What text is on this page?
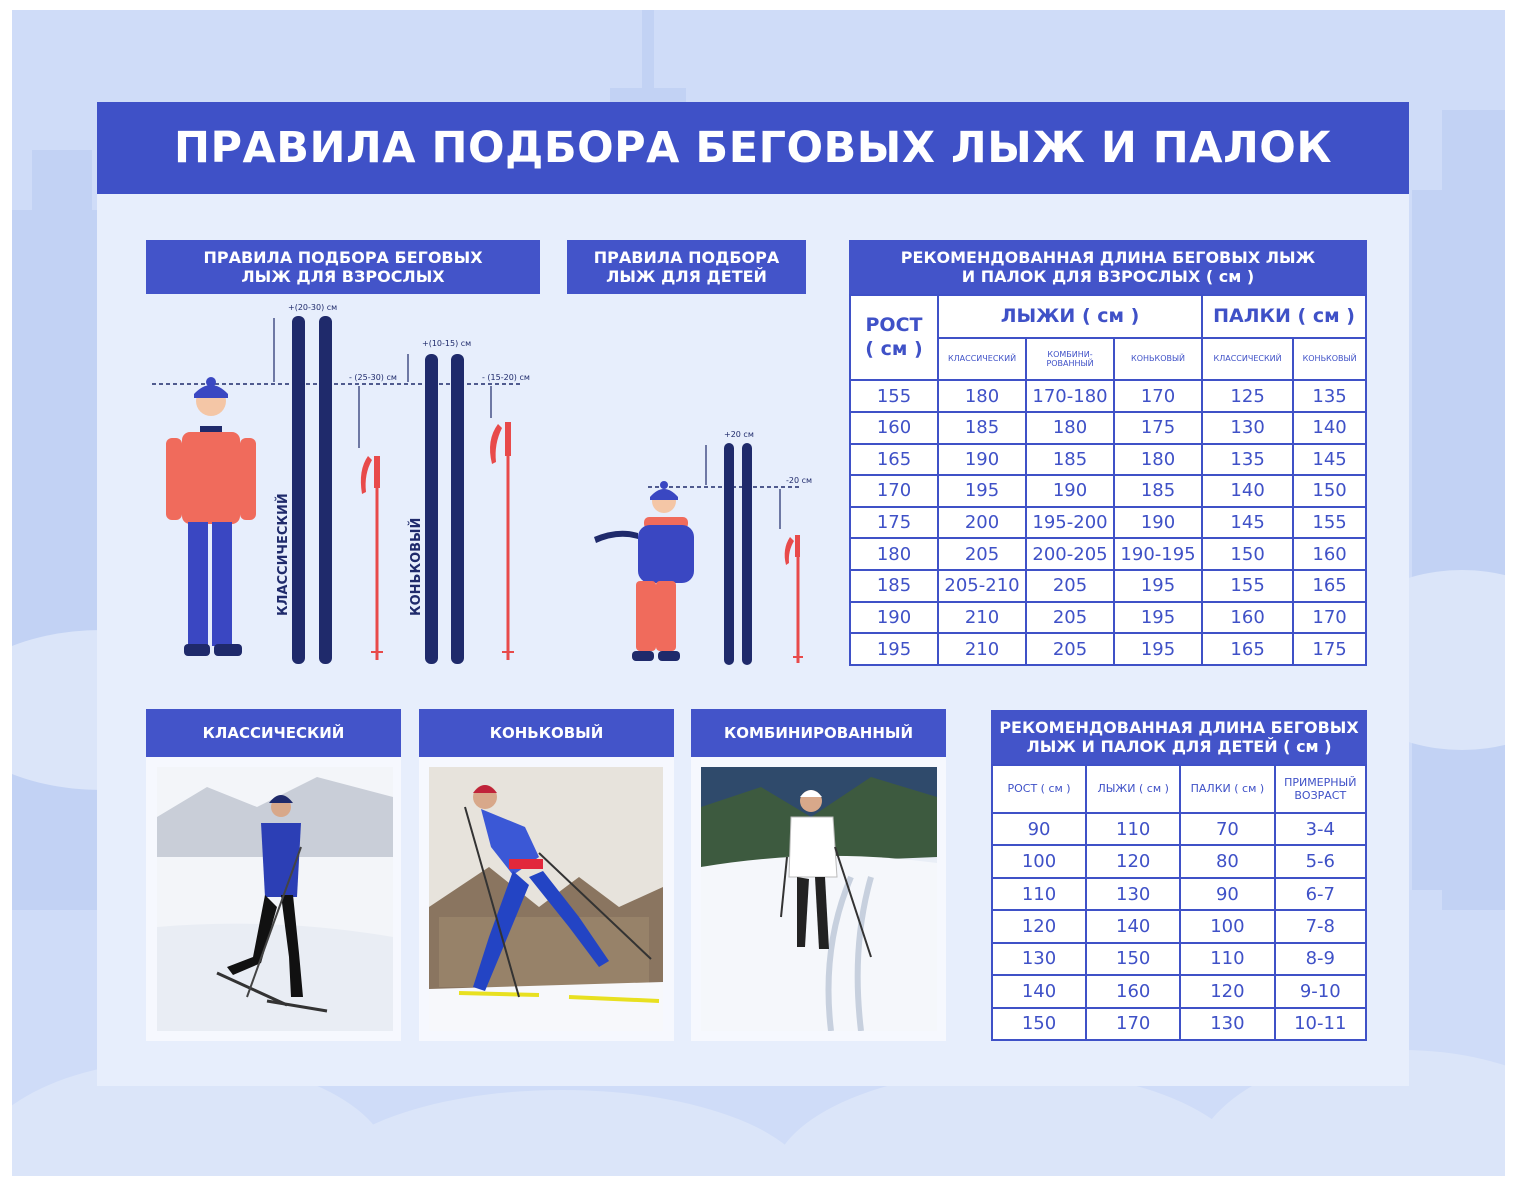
ПРАВИЛА ПОДБОРА БЕГОВЫХ ЛЫЖ И ПАЛОК
ПРАВИЛА ПОДБОРА БЕГОВЫХ
ЛЫЖ ДЛЯ ВЗРОСЛЫХ
ПРАВИЛА ПОДБОРА
ЛЫЖ ДЛЯ ДЕТЕЙ
КЛАССИЧЕСКИЙ
+(20-30) см
- (25-30) см
КОНЬКОВЫЙ
+(10-15) см
- (15-20) см
+20 см
-20 см
РЕКОМЕНДОВАННАЯ ДЛИНА БЕГОВЫХ ЛЫЖ
И ПАЛОК ДЛЯ ВЗРОСЛЫХ ( см )
РОСТ
( см )	ЛЫЖИ ( см )			ПАЛКИ ( см )	
	КЛАССИЧЕСКИЙ	КОМБИНИ-
РОВАННЫЙ	КОНЬКОВЫЙ	КЛАССИЧЕСКИЙ	КОНЬКОВЫЙ
155	180	170-180	170	125	135
160	185	180	175	130	140
165	190	185	180	135	145
170	195	190	185	140	150
175	200	195-200	190	145	155
180	205	200-205	190-195	150	160
185	205-210	205	195	155	165
190	210	205	195	160	170
195	210	205	195	165	175
КЛАССИЧЕСКИЙ	КОНЬКОВЫЙ	КОМБИНИРОВАННЫЙ	РЕКОМЕНДОВАННАЯ ДЛИНА БЕГОВЫХ
ЛЫЖ И ПАЛОК ДЛЯ ДЕТЕЙ ( см )
РОСТ ( см )	ЛЫЖИ ( см )	ПАЛКИ ( см )	ПРИМЕРНЫЙ
ВОЗРАСТ
90	110	70	3-4
100	120	80	5-6
110	130	90	6-7
120	140	100	7-8
130	150	110	8-9
140	160	120	9-10
150	170	130	10-11
